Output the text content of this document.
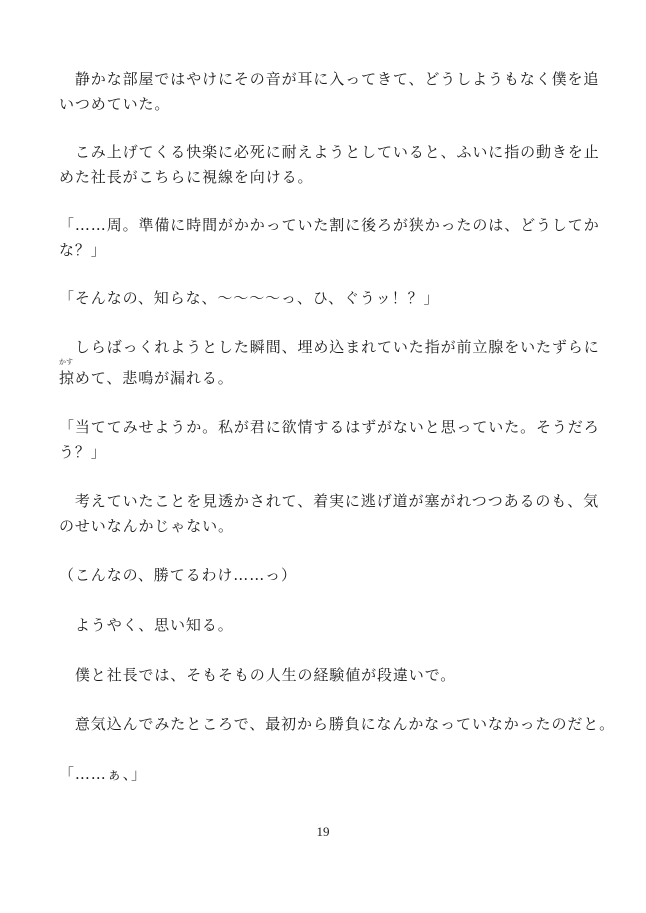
　静かな部屋ではやけにその音が耳に入ってきて、どうしようもなく僕を追
いつめていた。
　こみ上げてくる快楽に必死に耐えようとしていると、ふいに指の動きを止
めた社長がこちらに視線を向ける。
「……周。準備に時間がかかっていた割に後ろが狭かったのは、どうしてか
な？」
「そんなの、知らな、～～～～っ、ひ、ぐうッ！？」
　しらばっくれようとした瞬間、埋め込まれていた指が前立腺をいたずらに
かす
掠めて、悲鳴が漏れる。
「当ててみせようか。私が君に欲情するはずがないと思っていた。そうだろ
う？」
　考えていたことを見透かされて、着実に逃げ道が塞がれつつあるのも、気
のせいなんかじゃない。
（こんなの、勝てるわけ……っ）
　ようやく、思い知る。
　僕と社長では、そもそもの人生の経験値が段違いで。
　意気込んでみたところで、最初から勝負になんかなっていなかったのだと。
「……ぁ、」
19
